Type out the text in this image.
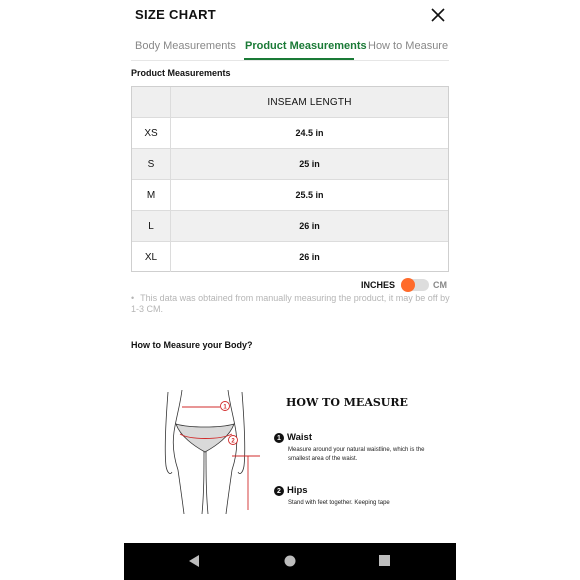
SIZE CHART
Body Measurements Product Measurements How to Measure
Product Measurements
INSEAM LENGTH
XS	24.5 in
S	25 in
M	25.5 in
L	26 in
XL	26 in
INCHES	CM
• This data was obtained from manually measuring the product, it may be off by 1-3 CM.
How to Measure your Body?
1
2
HOW TO MEASURE
1 Waist
Measure around your natural waistline, which is the smallest area of the waist.
2 Hips
Stand with feet together. Keeping tape
